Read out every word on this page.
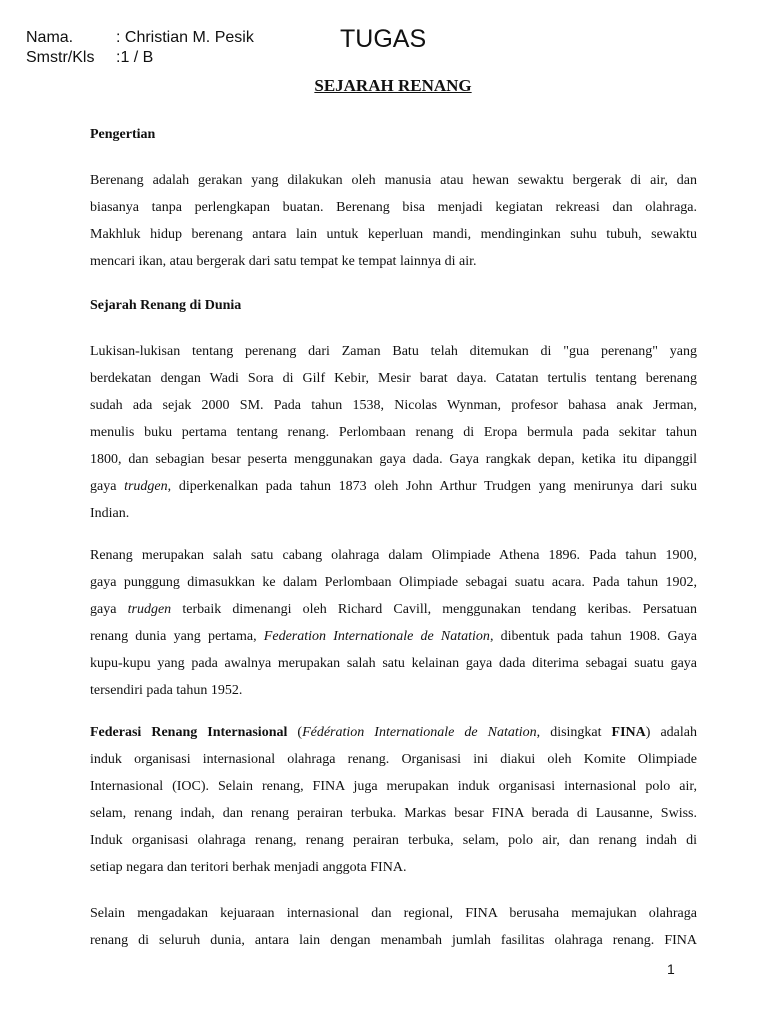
Nama.	: Christian M. Pesik
Smstr/Kls :1 / B
TUGAS
SEJARAH RENANG
Pengertian
Berenang adalah gerakan yang dilakukan oleh manusia atau hewan sewaktu bergerak di air, dan
biasanya tanpa perlengkapan buatan. Berenang bisa menjadi kegiatan rekreasi dan olahraga.
Makhluk hidup berenang antara lain untuk keperluan mandi, mendinginkan suhu tubuh, sewaktu
mencari ikan, atau bergerak dari satu tempat ke tempat lainnya di air.
Sejarah Renang di Dunia
Lukisan-lukisan tentang perenang dari Zaman Batu telah ditemukan di "gua perenang" yang
berdekatan dengan Wadi Sora di Gilf Kebir, Mesir barat daya. Catatan tertulis tentang berenang
sudah ada sejak 2000 SM. Pada tahun 1538, Nicolas Wynman, profesor bahasa anak Jerman,
menulis buku pertama tentang renang. Perlombaan renang di Eropa bermula pada sekitar tahun
1800, dan sebagian besar peserta menggunakan gaya dada. Gaya rangkak depan, ketika itu dipanggil
gaya trudgen, diperkenalkan pada tahun 1873 oleh John Arthur Trudgen yang menirunya dari suku
Indian.
Renang merupakan salah satu cabang olahraga dalam Olimpiade Athena 1896. Pada tahun 1900,
gaya punggung dimasukkan ke dalam Perlombaan Olimpiade sebagai suatu acara. Pada tahun 1902,
gaya trudgen terbaik dimenangi oleh Richard Cavill, menggunakan tendang keribas. Persatuan
renang dunia yang pertama, Federation Internationale de Natation, dibentuk pada tahun 1908. Gaya
kupu-kupu yang pada awalnya merupakan salah satu kelainan gaya dada diterima sebagai suatu gaya
tersendiri pada tahun 1952.
Federasi Renang Internasional (Fédération Internationale de Natation, disingkat FINA) adalah
induk organisasi internasional olahraga renang. Organisasi ini diakui oleh Komite Olimpiade
Internasional (IOC). Selain renang, FINA juga merupakan induk organisasi internasional polo air,
selam, renang indah, dan renang perairan terbuka. Markas besar FINA berada di Lausanne, Swiss.
Induk organisasi olahraga renang, renang perairan terbuka, selam, polo air, dan renang indah di
setiap negara dan teritori berhak menjadi anggota FINA.
Selain mengadakan kejuaraan internasional dan regional, FINA berusaha memajukan olahraga
renang di seluruh dunia, antara lain dengan menambah jumlah fasilitas olahraga renang. FINA
1
